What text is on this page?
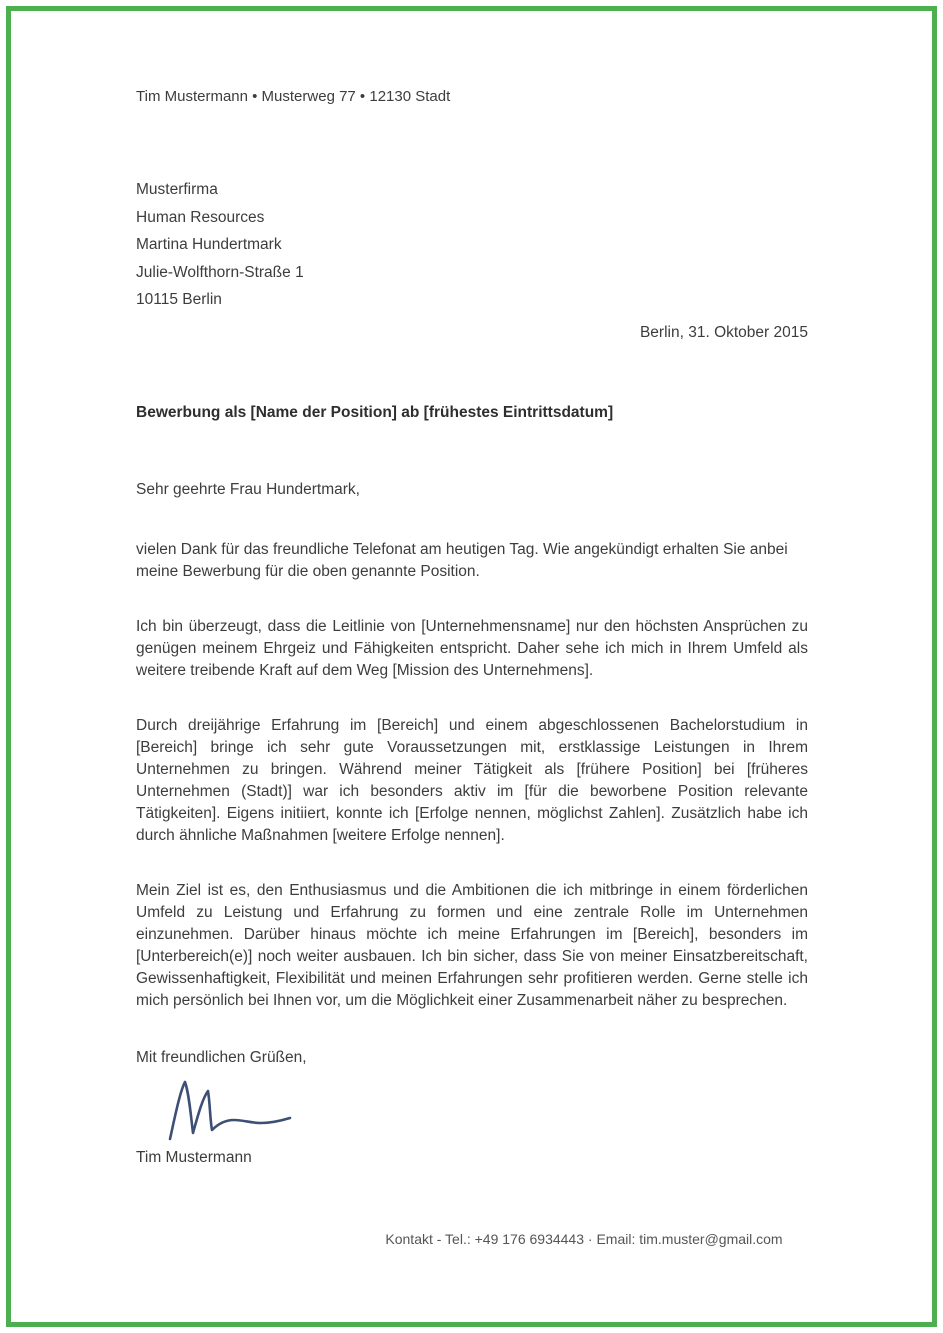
Tim Mustermann • Musterweg 77 • 12130 Stadt
Musterfirma
Human Resources
Martina Hundertmark
Julie-Wolfthorn-Straße 1
10115 Berlin
Berlin, 31. Oktober 2015
Bewerbung als [Name der Position] ab [frühestes Eintrittsdatum]
Sehr geehrte Frau Hundertmark,

vielen Dank für das freundliche Telefonat am heutigen Tag. Wie angekündigt erhalten Sie anbei meine Bewerbung für die oben genannte Position.

Ich bin überzeugt, dass die Leitlinie von [Unternehmensname] nur den höchsten Ansprüchen zu genügen meinem Ehrgeiz und Fähigkeiten entspricht. Daher sehe ich mich in Ihrem Umfeld als weitere treibende Kraft auf dem Weg [Mission des Unternehmens].

Durch dreijährige Erfahrung im [Bereich] und einem abgeschlossenen Bachelorstudium in [Bereich] bringe ich sehr gute Voraussetzungen mit, erstklassige Leistungen in Ihrem Unternehmen zu bringen. Während meiner Tätigkeit als [frühere Position] bei [früheres Unternehmen (Stadt)] war ich besonders aktiv im [für die beworbene Position relevante Tätigkeiten]. Eigens initiiert, konnte ich [Erfolge nennen, möglichst Zahlen]. Zusätzlich habe ich durch ähnliche Maßnahmen [weitere Erfolge nennen].

Mein Ziel ist es, den Enthusiasmus und die Ambitionen die ich mitbringe in einem förderlichen Umfeld zu Leistung und Erfahrung zu formen und eine zentrale Rolle im Unternehmen einzunehmen. Darüber hinaus möchte ich meine Erfahrungen im [Bereich], besonders im [Unterbereich(e)] noch weiter ausbauen. Ich bin sicher, dass Sie von meiner Einsatzbereitschaft, Gewissenhaftigkeit, Flexibilität und meinen Erfahrungen sehr profitieren werden. Gerne stelle ich mich persönlich bei Ihnen vor, um die Möglichkeit einer Zusammenarbeit näher zu besprechen.

Mit freundlichen Grüßen,
Tim Mustermann
Kontakt - Tel.: +49 176 6934443 · Email: tim.muster@gmail.com
